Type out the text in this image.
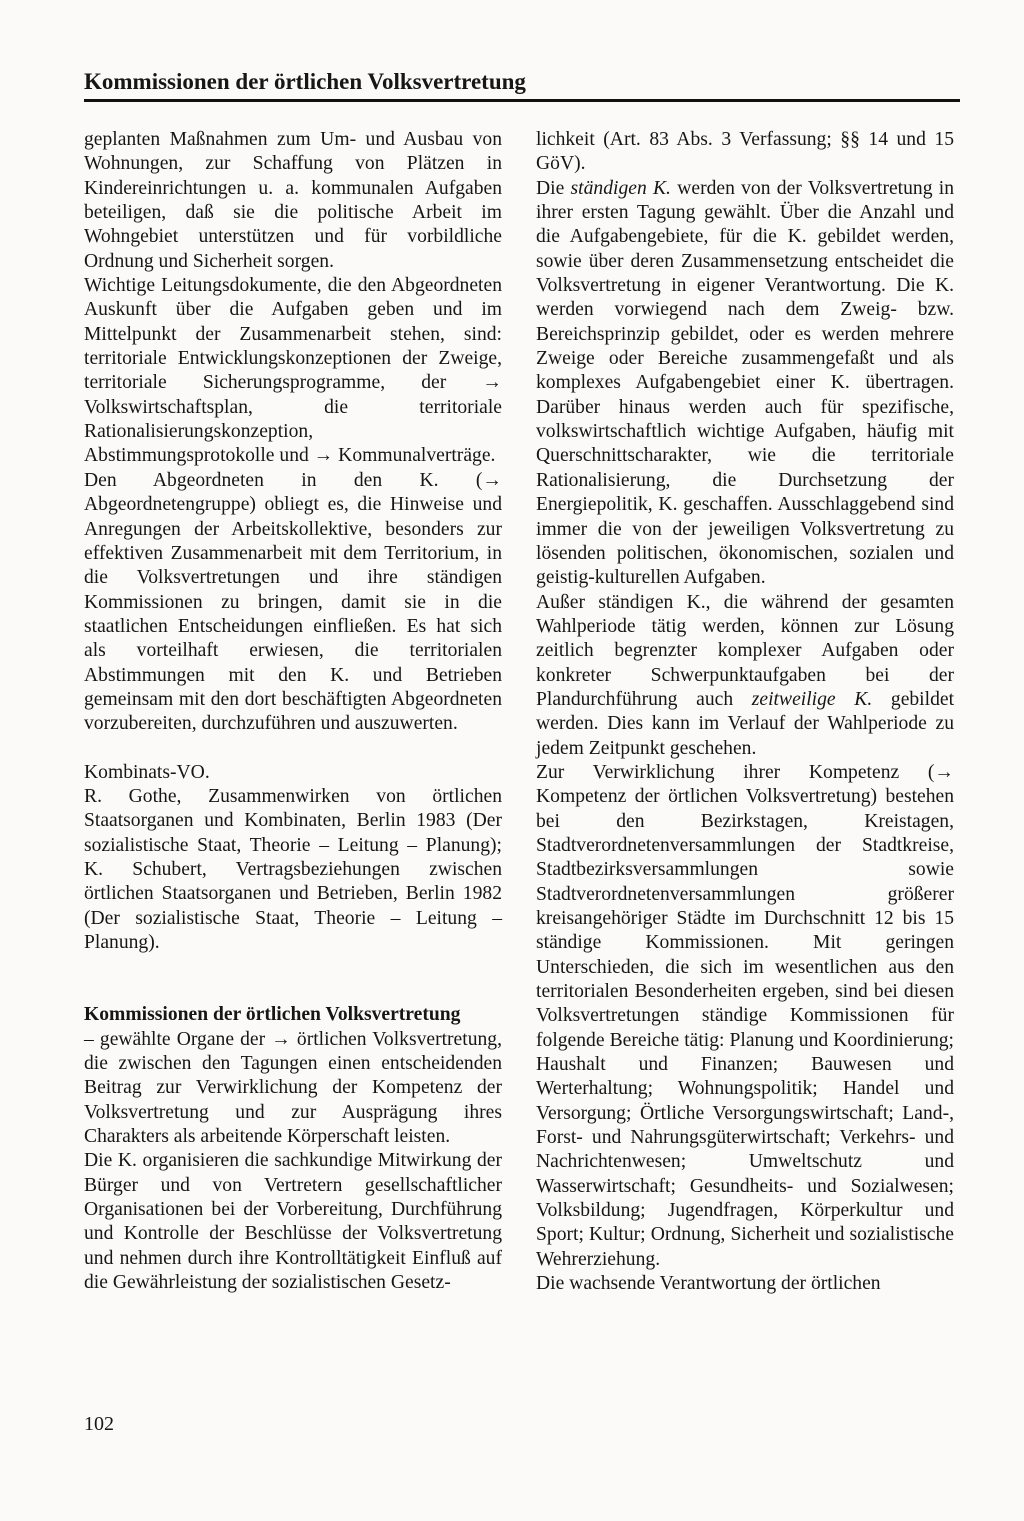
Kommissionen der örtlichen Volksvertretung

geplanten Maßnahmen zum Um- und Ausbau von Wohnungen, zur Schaffung von Plätzen in Kindereinrichtungen u. a. kommunalen Aufgaben beteiligen, daß sie die politische Arbeit im Wohngebiet unterstützen und für vorbildliche Ordnung und Sicherheit sorgen.

Wichtige Leitungsdokumente, die den Abgeordneten Auskunft über die Aufgaben geben und im Mittelpunkt der Zusammenarbeit stehen, sind: territoriale Entwicklungskonzeptionen der Zweige, territoriale Sicherungsprogramme, der → Volkswirtschaftsplan, die territoriale Rationalisierungskonzeption, Abstimmungsprotokolle und → Kommunalverträge.

Den Abgeordneten in den K. (→ Abgeordnetengruppe) obliegt es, die Hinweise und Anregungen der Arbeitskollektive, besonders zur effektiven Zusammenarbeit mit dem Territorium, in die Volksvertretungen und ihre ständigen Kommissionen zu bringen, damit sie in die staatlichen Entscheidungen einfließen. Es hat sich als vorteilhaft erwiesen, die territorialen Abstimmungen mit den K. und Betrieben gemeinsam mit den dort beschäftigten Abgeordneten vorzubereiten, durchzuführen und auszuwerten.

Kombinats-VO.

R. Gothe, Zusammenwirken von örtlichen Staatsorganen und Kombinaten, Berlin 1983 (Der sozialistische Staat, Theorie – Leitung – Planung); K. Schubert, Vertragsbeziehungen zwischen örtlichen Staatsorganen und Betrieben, Berlin 1982 (Der sozialistische Staat, Theorie – Leitung – Planung).

Kommissionen der örtlichen Volksvertretung

– gewählte Organe der → örtlichen Volksvertretung, die zwischen den Tagungen einen entscheidenden Beitrag zur Verwirklichung der Kompetenz der Volksvertretung und zur Ausprägung ihres Charakters als arbeitende Körperschaft leisten.

Die K. organisieren die sachkundige Mitwirkung der Bürger und von Vertretern gesellschaftlicher Organisationen bei der Vorbereitung, Durchführung und Kontrolle der Beschlüsse der Volksvertretung und nehmen durch ihre Kontrolltätigkeit Einfluß auf die Gewährleistung der sozialistischen Gesetz-

lichkeit (Art. 83 Abs. 3 Verfassung; §§ 14 und 15 GöV).

Die ständigen K. werden von der Volksvertretung in ihrer ersten Tagung gewählt. Über die Anzahl und die Aufgabengebiete, für die K. gebildet werden, sowie über deren Zusammensetzung entscheidet die Volksvertretung in eigener Verantwortung. Die K. werden vorwiegend nach dem Zweig- bzw. Bereichsprinzip gebildet, oder es werden mehrere Zweige oder Bereiche zusammengefaßt und als komplexes Aufgabengebiet einer K. übertragen. Darüber hinaus werden auch für spezifische, volkswirtschaftlich wichtige Aufgaben, häufig mit Querschnittscharakter, wie die territoriale Rationalisierung, die Durchsetzung der Energiepolitik, K. geschaffen. Ausschlaggebend sind immer die von der jeweiligen Volksvertretung zu lösenden politischen, ökonomischen, sozialen und geistig-kulturellen Aufgaben.

Außer ständigen K., die während der gesamten Wahlperiode tätig werden, können zur Lösung zeitlich begrenzter komplexer Aufgaben oder konkreter Schwerpunktaufgaben bei der Plandurchführung auch zeitweilige K. gebildet werden. Dies kann im Verlauf der Wahlperiode zu jedem Zeitpunkt geschehen.

Zur Verwirklichung ihrer Kompetenz (→ Kompetenz der örtlichen Volksvertretung) bestehen bei den Bezirkstagen, Kreistagen, Stadtverordnetenversammlungen der Stadtkreise, Stadtbezirksversammlungen sowie Stadtverordnetenversammlungen größerer kreisangehöriger Städte im Durchschnitt 12 bis 15 ständige Kommissionen. Mit geringen Unterschieden, die sich im wesentlichen aus den territorialen Besonderheiten ergeben, sind bei diesen Volksvertretungen ständige Kommissionen für folgende Bereiche tätig: Planung und Koordinierung; Haushalt und Finanzen; Bauwesen und Werterhaltung; Wohnungspolitik; Handel und Versorgung; Örtliche Versorgungswirtschaft; Land-, Forst- und Nahrungsgüterwirtschaft; Verkehrs- und Nachrichtenwesen; Umweltschutz und Wasserwirtschaft; Gesundheits- und Sozialwesen; Volksbildung; Jugendfragen, Körperkultur und Sport; Kultur; Ordnung, Sicherheit und sozialistische Wehrerziehung.

Die wachsende Verantwortung der örtlichen

102
